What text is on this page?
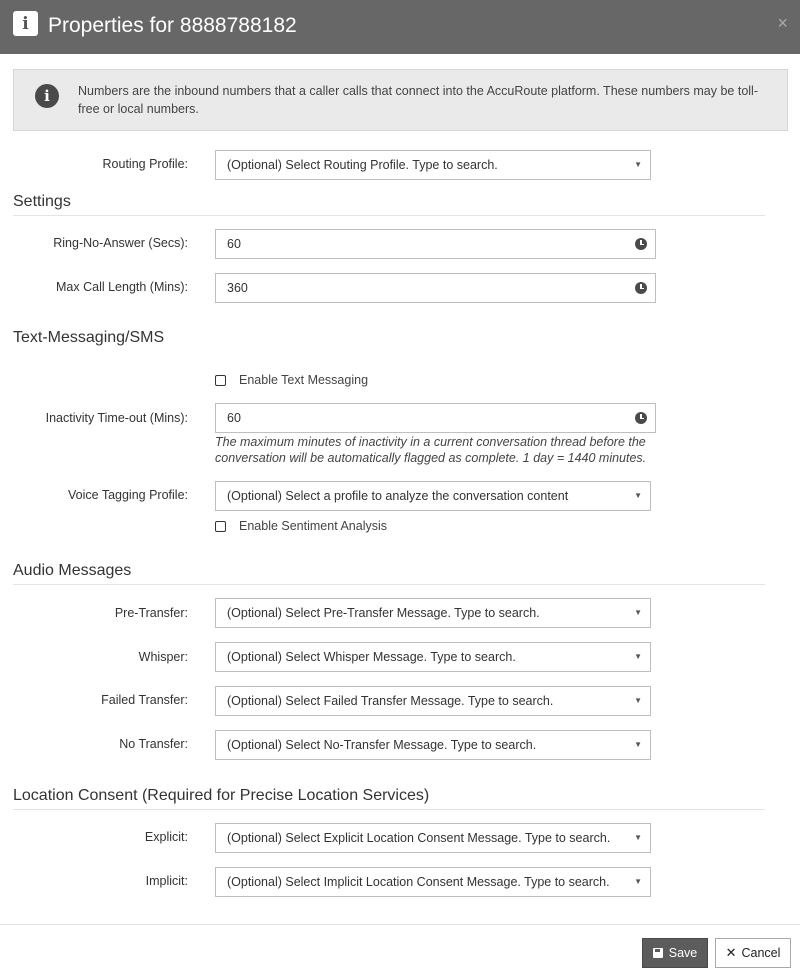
i Properties for 8888788182	×
i	Numbers are the inbound numbers that a caller calls that connect into the AccuRoute platform. These numbers may be toll-free or local numbers.
Routing Profile:	(Optional) Select Routing Profile. Type to search.	▼
Settings
Ring-No-Answer (Secs):	60
Max Call Length (Mins):	360
Text-Messaging/SMS
Enable Text Messaging
Inactivity Time-out (Mins):	60
The maximum minutes of inactivity in a current conversation thread before the conversation will be automatically flagged as complete. 1 day = 1440 minutes.
Voice Tagging Profile:	(Optional) Select a profile to analyze the conversation content	▼
Enable Sentiment Analysis
Audio Messages
Pre-Transfer:	(Optional) Select Pre-Transfer Message. Type to search.	▼
Whisper:	(Optional) Select Whisper Message. Type to search.	▼
Failed Transfer:	(Optional) Select Failed Transfer Message. Type to search.	▼
No Transfer:	(Optional) Select No-Transfer Message. Type to search.	▼
Location Consent (Required for Precise Location Services)
Explicit:	(Optional) Select Explicit Location Consent Message. Type to search.	▼
Implicit:	(Optional) Select Implicit Location Consent Message. Type to search.	▼
Save ✕ Cancel
